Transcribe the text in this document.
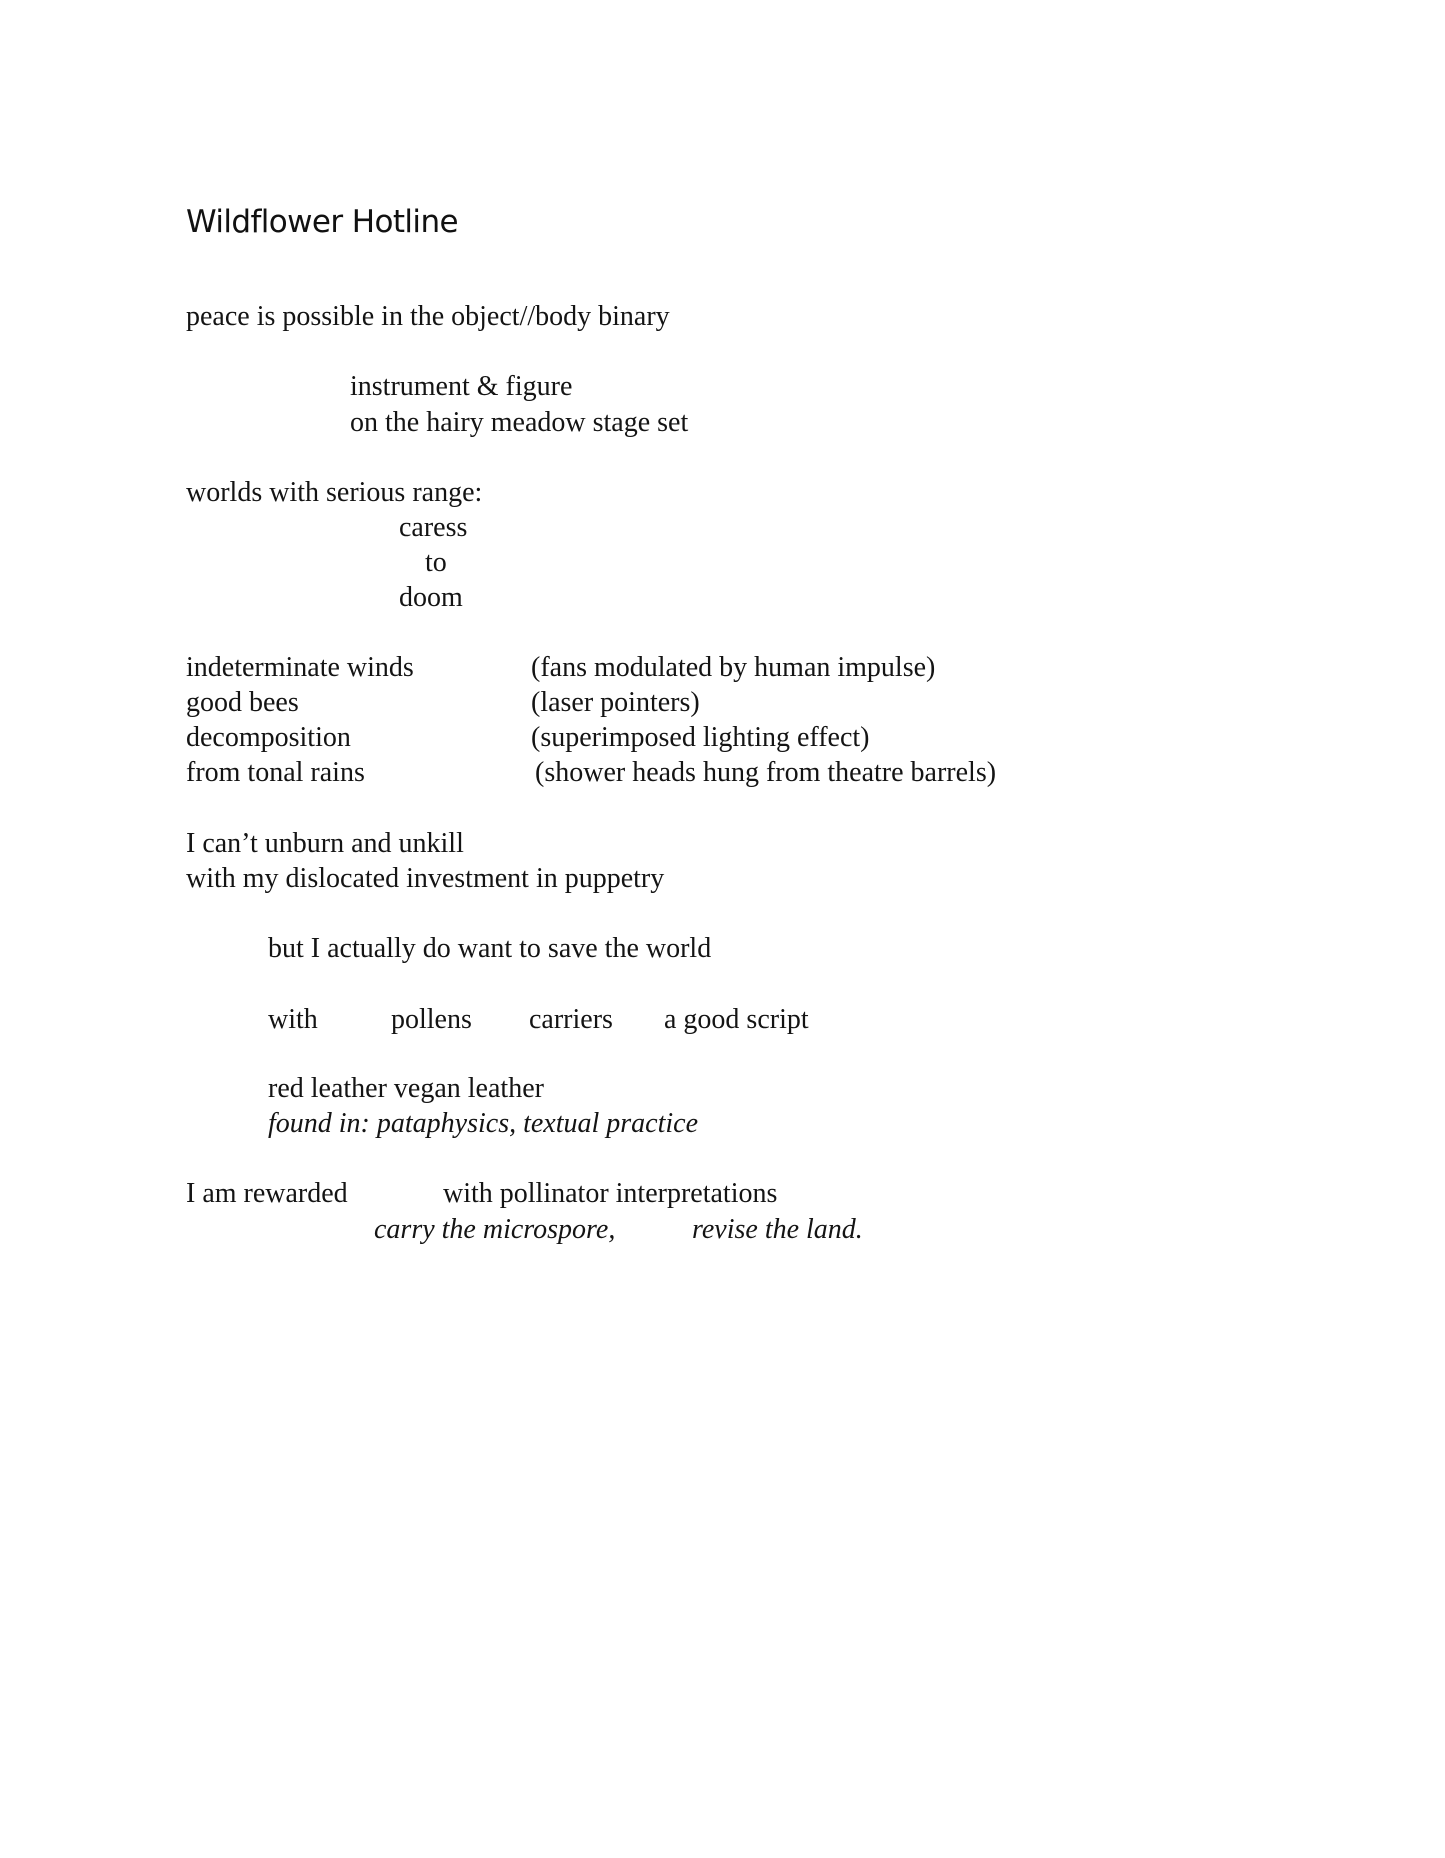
Wildflower Hotline
peace is possible in the object//body binary
instrument & figure
on the hairy meadow stage set
worlds with serious range:
caress
to
doom
indeterminate winds	(fans modulated by human impulse)
good bees	(laser pointers)
decomposition	(superimposed lighting effect)
from tonal rains	(shower heads hung from theatre barrels)
I can’t unburn and unkill
with my dislocated investment in puppetry
but I actually do want to save the world
with	pollens carriers a good script
red leather vegan leather
found in: pataphysics, textual practice
I am rewarded	with pollinator interpretations
carry the microspore,	revise the land.
